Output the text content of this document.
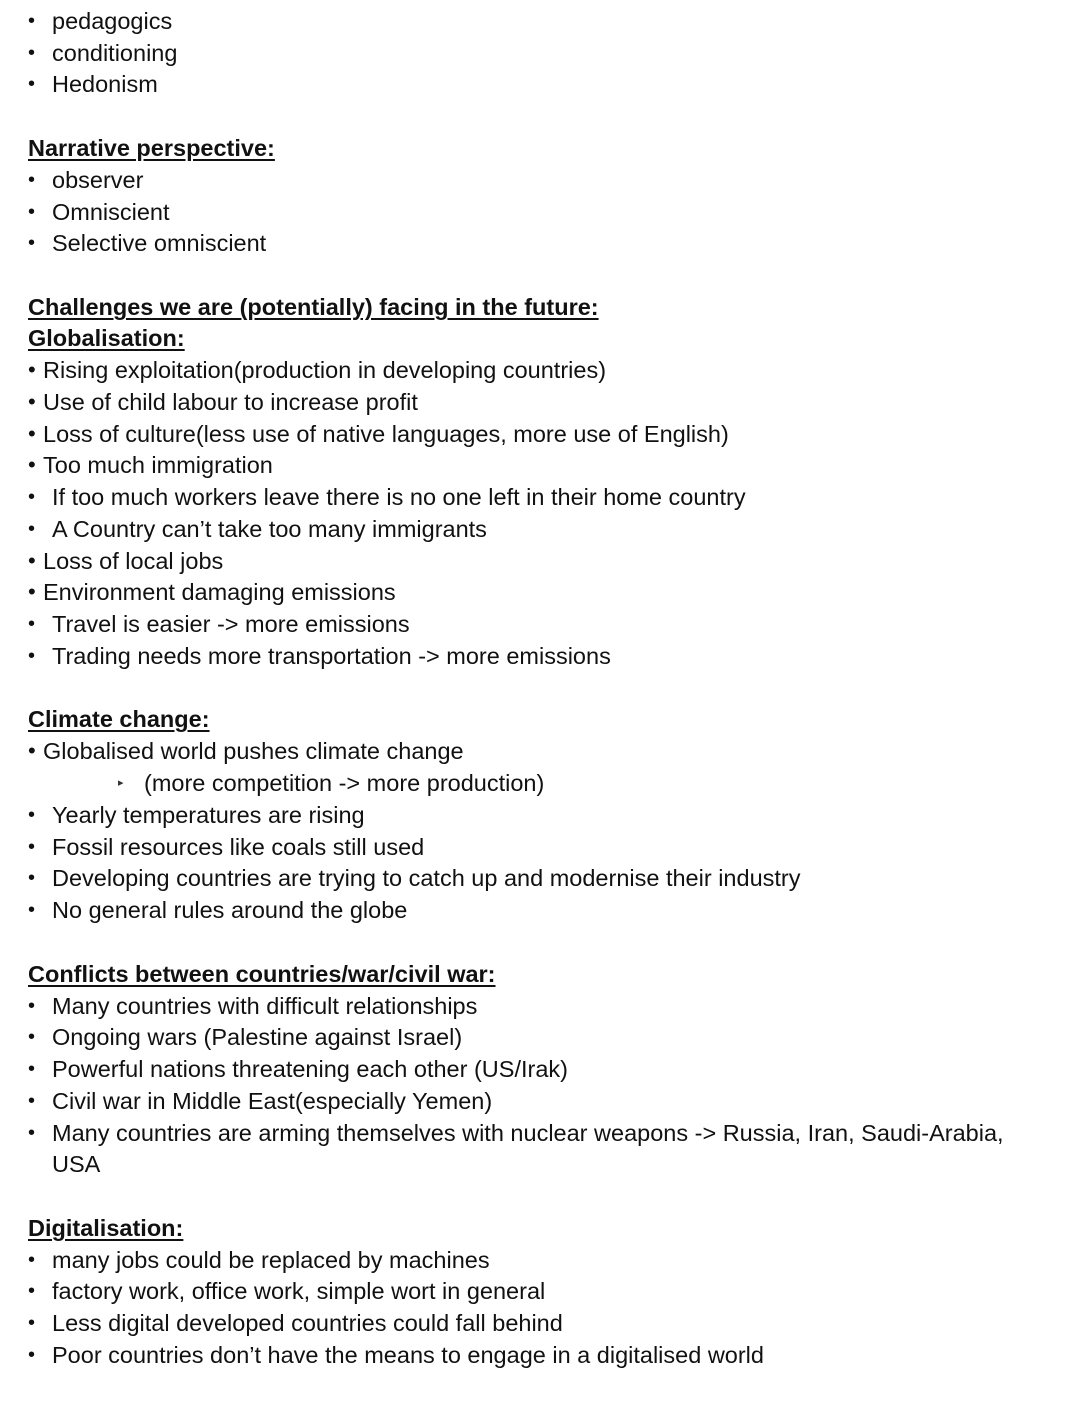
• pedagogics
• conditioning
• Hedonism
Narrative perspective:
• observer
• Omniscient
• Selective omniscient
Challenges we are (potentially) facing in the future:
Globalisation:
• Rising exploitation(production in developing countries)
• Use of child labour to increase profit
• Loss of culture(less use of native languages, more use of English)
• Too much immigration
• If too much workers leave there is no one left in their home country
• A Country can’t take too many immigrants
• Loss of local jobs
• Environment damaging emissions
• Travel is easier -> more emissions
• Trading needs more transportation -> more emissions
Climate change:
• Globalised world pushes climate change
▸ (more competition -> more production)
• Yearly temperatures are rising
• Fossil resources like coals still used
• Developing countries are trying to catch up and modernise their industry
• No general rules around the globe
Conflicts between countries/war/civil war:
• Many countries with difficult relationships
• Ongoing wars (Palestine against Israel)
• Powerful nations threatening each other (US/Irak)
• Civil war in Middle East(especially Yemen)
• Many countries are arming themselves with nuclear weapons -> Russia, Iran, Saudi-Arabia,
USA
Digitalisation:
• many jobs could be replaced by machines
• factory work, office work, simple wort in general
• Less digital developed countries could fall behind
• Poor countries don’t have the means to engage in a digitalised world
